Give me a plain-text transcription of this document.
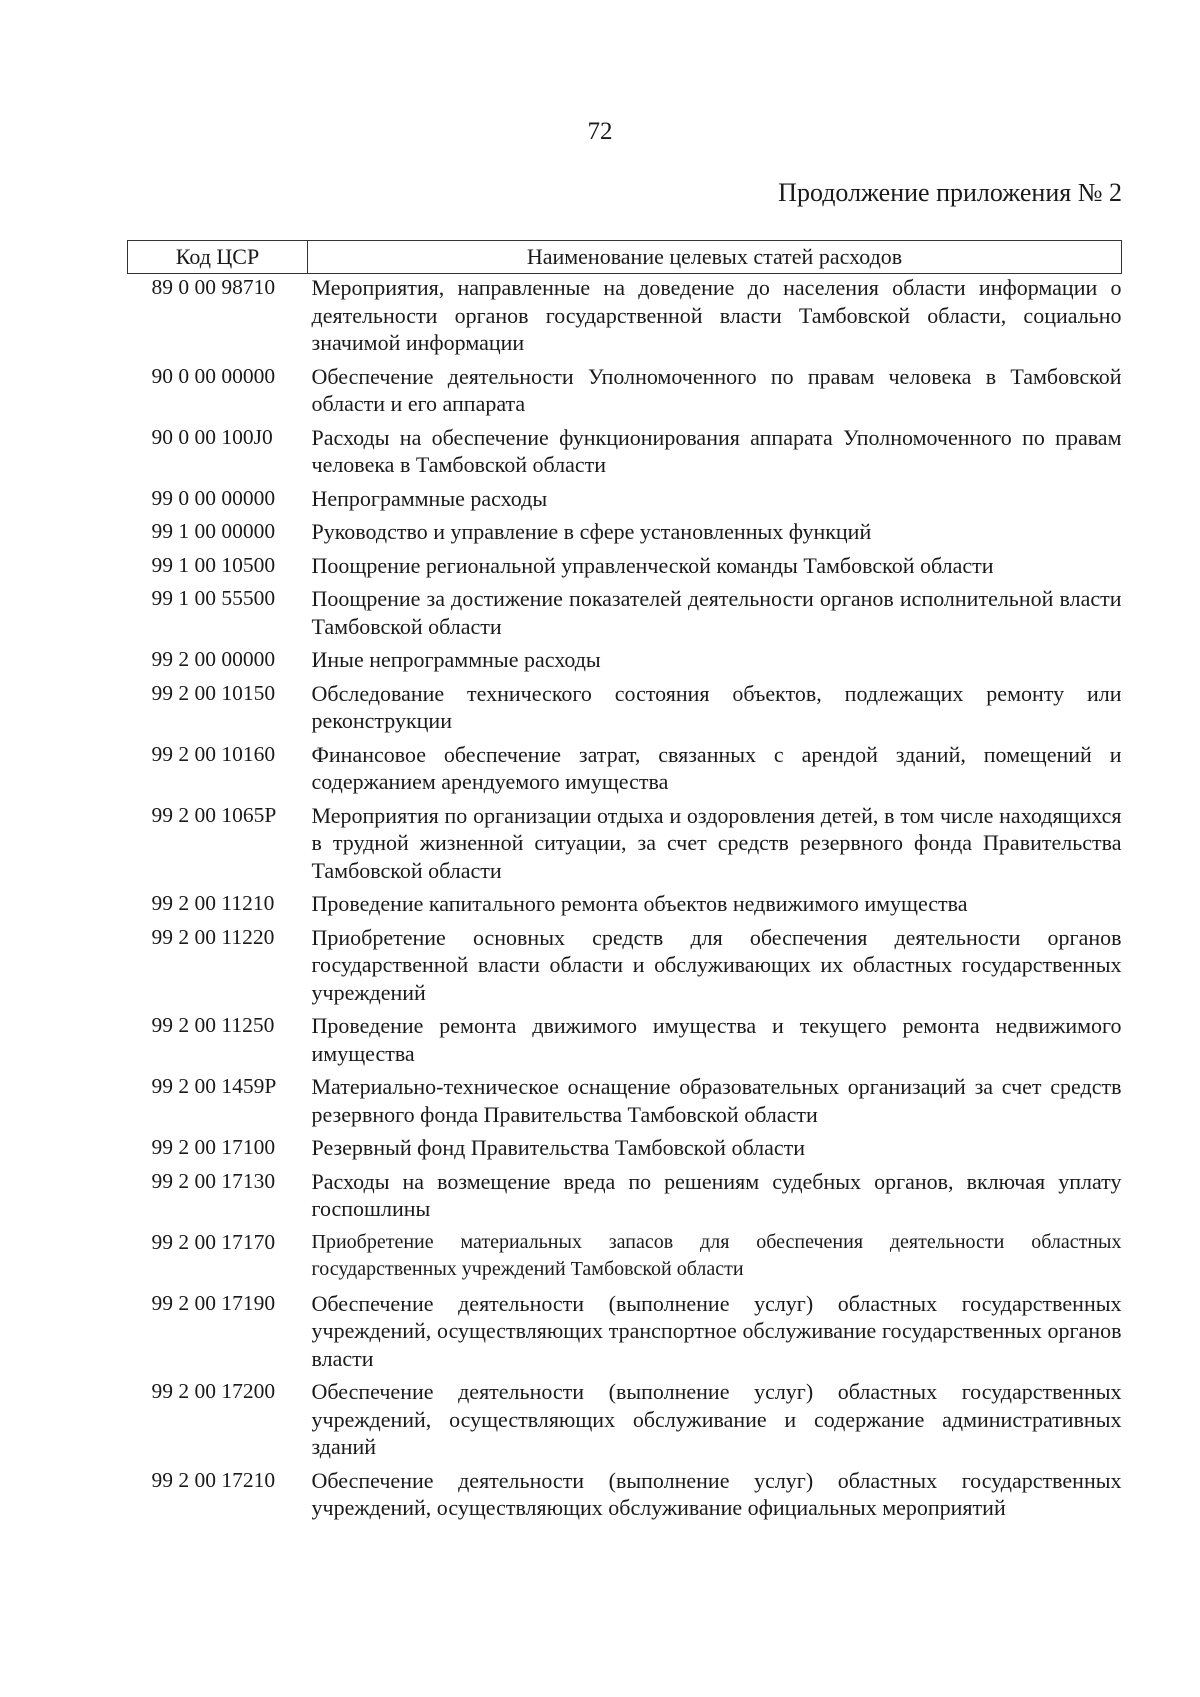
72
Продолжение приложения № 2
Код ЦСР	Наименование целевых статей расходов
89 0 00 98710	Мероприятия, направленные на доведение до населения области информации о деятельности органов государственной власти Тамбовской области, социально значимой информации
90 0 00 00000	Обеспечение деятельности Уполномоченного по правам человека в Тамбовской области и его аппарата
90 0 00 100J0	Расходы на обеспечение функционирования аппарата Уполномоченного по правам человека в Тамбовской области
99 0 00 00000	Непрограммные расходы
99 1 00 00000	Руководство и управление в сфере установленных функций
99 1 00 10500	Поощрение региональной управленческой команды Тамбовской области
99 1 00 55500	Поощрение за достижение показателей деятельности органов исполнительной власти Тамбовской области
99 2 00 00000	Иные непрограммные расходы
99 2 00 10150	Обследование технического состояния объектов, подлежащих ремонту или реконструкции
99 2 00 10160	Финансовое обеспечение затрат, связанных с арендой зданий, помещений и содержанием арендуемого имущества
99 2 00 1065P	Мероприятия по организации отдыха и оздоровления детей, в том числе находящихся в трудной жизненной ситуации, за счет средств резервного фонда Правительства Тамбовской области
99 2 00 11210	Проведение капитального ремонта объектов недвижимого имущества
99 2 00 11220	Приобретение основных средств для обеспечения деятельности органов государственной власти области и обслуживающих их областных государственных учреждений
99 2 00 11250	Проведение ремонта движимого имущества и текущего ремонта недвижимого имущества
99 2 00 1459P	Материально-техническое оснащение образовательных организаций за счет средств резервного фонда Правительства Тамбовской области
99 2 00 17100	Резервный фонд Правительства Тамбовской области
99 2 00 17130	Расходы на возмещение вреда по решениям судебных органов, включая уплату госпошлины
99 2 00 17170	Приобретение материальных запасов для обеспечения деятельности областных государственных учреждений Тамбовской области
99 2 00 17190	Обеспечение деятельности (выполнение услуг) областных государственных учреждений, осуществляющих транспортное обслуживание государственных органов власти
99 2 00 17200	Обеспечение деятельности (выполнение услуг) областных государственных учреждений, осуществляющих обслуживание и содержание административных зданий
99 2 00 17210	Обеспечение деятельности (выполнение услуг) областных государственных учреждений, осуществляющих обслуживание официальных мероприятий
